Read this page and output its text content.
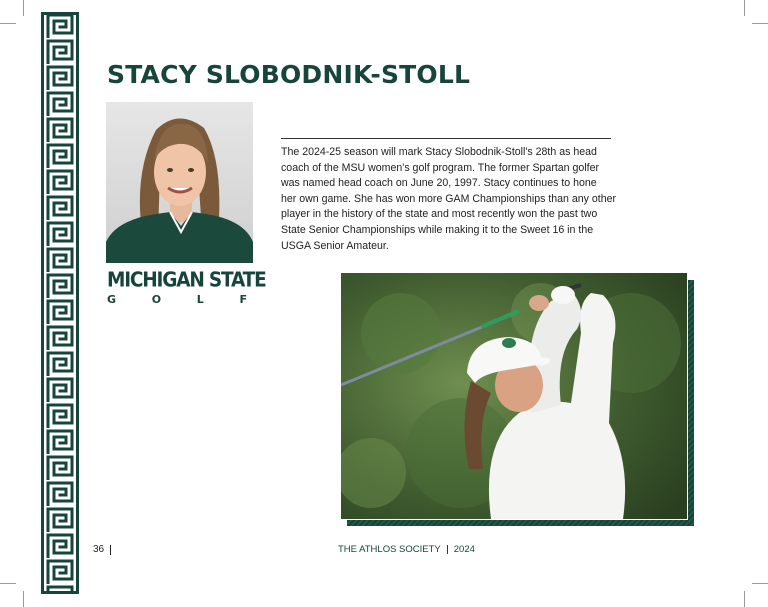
STACY SLOBODNIK-STOLL
MICHIGAN STATE
G	O	L	F

The 2024-25 season will mark Stacy Slobodnik-Stoll's 28th as head
coach of the MSU women's golf program. The former Spartan golfer
was named head coach on June 20, 1997. Stacy continues to hone
her own game. She has won more GAM Championships than any other
player in the history of the state and most recently won the past two
State Senior Championships while making it to the Sweet 16 in the
USGA Senior Amateur.

36	THE ATHLOS SOCIETY 2024
